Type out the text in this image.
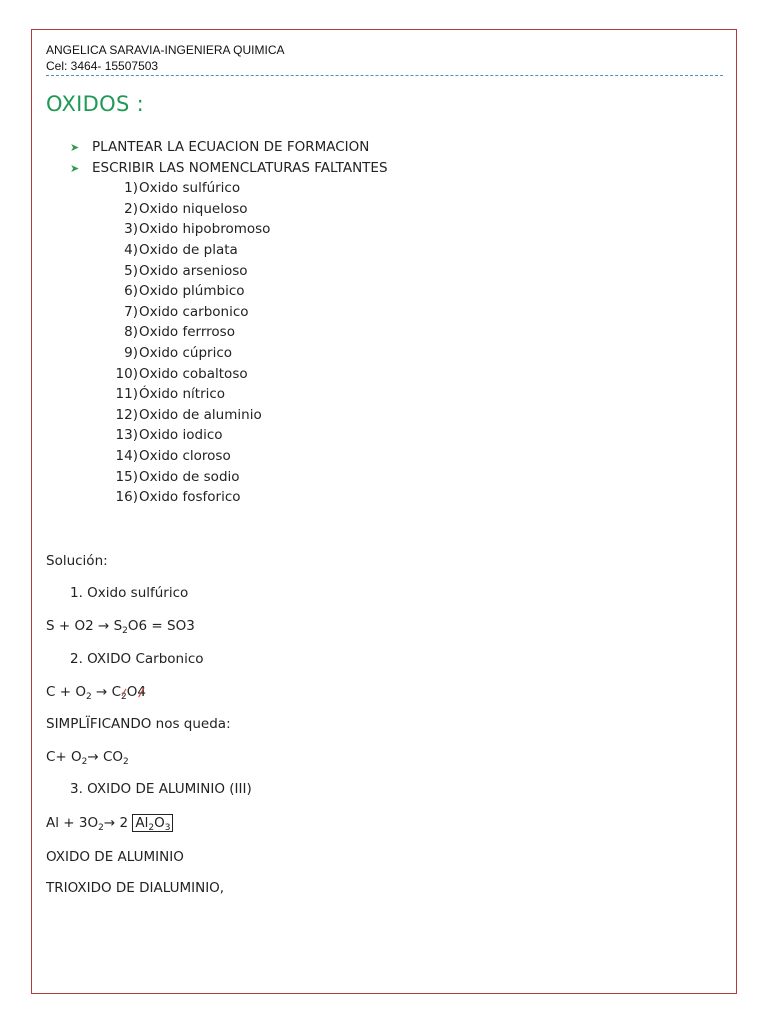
ANGELICA SARAVIA-INGENIERA QUIMICA
Cel: 3464- 15507503
OXIDOS :
➤ PLANTEAR LA ECUACION DE FORMACION
➤ ESCRIBIR LAS NOMENCLATURAS FALTANTES
1) Oxido sulfúrico
2) Oxido niqueloso
3) Oxido hipobromoso
4) Oxido de plata
5) Oxido arsenioso
6) Oxido plúmbico
7) Oxido carbonico
8) Oxido ferrroso
9) Oxido cúprico
10) Oxido cobaltoso
11) Óxido nítrico
12) Oxido de aluminio
13) Oxido iodico
14) Oxido cloroso
15) Oxido de sodio
16) Oxido fosforico
Solución:
1. Oxido sulfúrico
$S + O2 \to S_2O6 = SO3$
2. OXIDO Carbonico
$C + O_2 \to C_2O4$
SIMPLÏFICANDO nos queda:
$C+ O_2\to CO_2$
3. OXIDO DE ALUMINIO (III)
$Al + 3O_2\to 2$ $Al_2O_3$
OXIDO DE ALUMINIO
TRIOXIDO DE DIALUMINIO,
